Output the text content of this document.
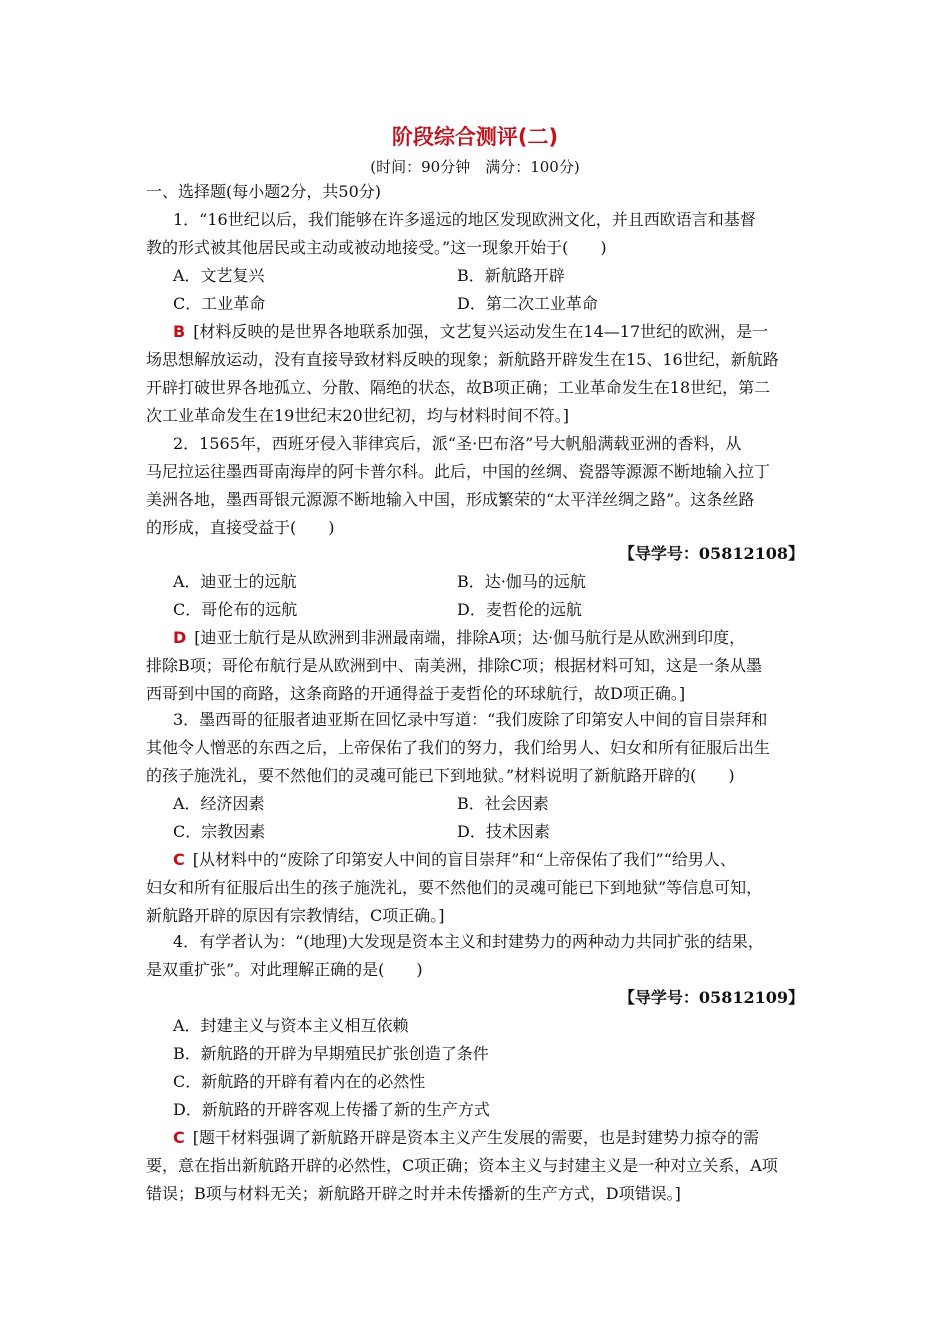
阶段综合测评(二)
(时间：90分钟　满分：100分)
一、选择题(每小题2分，共50分)
1．“16世纪以后，我们能够在许多遥远的地区发现欧洲文化，并且西欧语言和基督
教的形式被其他居民或主动或被动地接受。”这一现象开始于(　　)
A．文艺复兴	B．新航路开辟
C．工业革命	D．第二次工业革命
B [材料反映的是世界各地联系加强，文艺复兴运动发生在14—17世纪的欧洲，是一
场思想解放运动，没有直接导致材料反映的现象；新航路开辟发生在15、16世纪，新航路
开辟打破世界各地孤立、分散、隔绝的状态，故B项正确；工业革命发生在18世纪，第二
次工业革命发生在19世纪末20世纪初，均与材料时间不符。]
2．1565年，西班牙侵入菲律宾后，派“圣·巴布洛”号大帆船满载亚洲的香料，从
马尼拉运往墨西哥南海岸的阿卡普尔科。此后，中国的丝绸、瓷器等源源不断地输入拉丁
美洲各地，墨西哥银元源源不断地输入中国，形成繁荣的“太平洋丝绸之路”。这条丝路
的形成，直接受益于(　　)
【导学号：05812108】
A．迪亚士的远航	B．达·伽马的远航
C．哥伦布的远航	D．麦哲伦的远航
D [迪亚士航行是从欧洲到非洲最南端，排除A项；达·伽马航行是从欧洲到印度，
排除B项；哥伦布航行是从欧洲到中、南美洲，排除C项；根据材料可知，这是一条从墨
西哥到中国的商路，这条商路的开通得益于麦哲伦的环球航行，故D项正确。]
3．墨西哥的征服者迪亚斯在回忆录中写道：“我们废除了印第安人中间的盲目崇拜和
其他令人憎恶的东西之后，上帝保佑了我们的努力，我们给男人、妇女和所有征服后出生
的孩子施洗礼，要不然他们的灵魂可能已下到地狱。”材料说明了新航路开辟的(　　)
A．经济因素	B．社会因素
C．宗教因素	D．技术因素
C [从材料中的“废除了印第安人中间的盲目崇拜”和“上帝保佑了我们”“给男人、
妇女和所有征服后出生的孩子施洗礼，要不然他们的灵魂可能已下到地狱”等信息可知，
新航路开辟的原因有宗教情结，C项正确。]
4．有学者认为：“(地理)大发现是资本主义和封建势力的两种动力共同扩张的结果，
是双重扩张”。对此理解正确的是(　　)
【导学号：05812109】
A．封建主义与资本主义相互依赖
B．新航路的开辟为早期殖民扩张创造了条件
C．新航路的开辟有着内在的必然性
D．新航路的开辟客观上传播了新的生产方式
C [题干材料强调了新航路开辟是资本主义产生发展的需要，也是封建势力掠夺的需
要，意在指出新航路开辟的必然性，C项正确；资本主义与封建主义是一种对立关系，A项
错误；B项与材料无关；新航路开辟之时并未传播新的生产方式，D项错误。]
